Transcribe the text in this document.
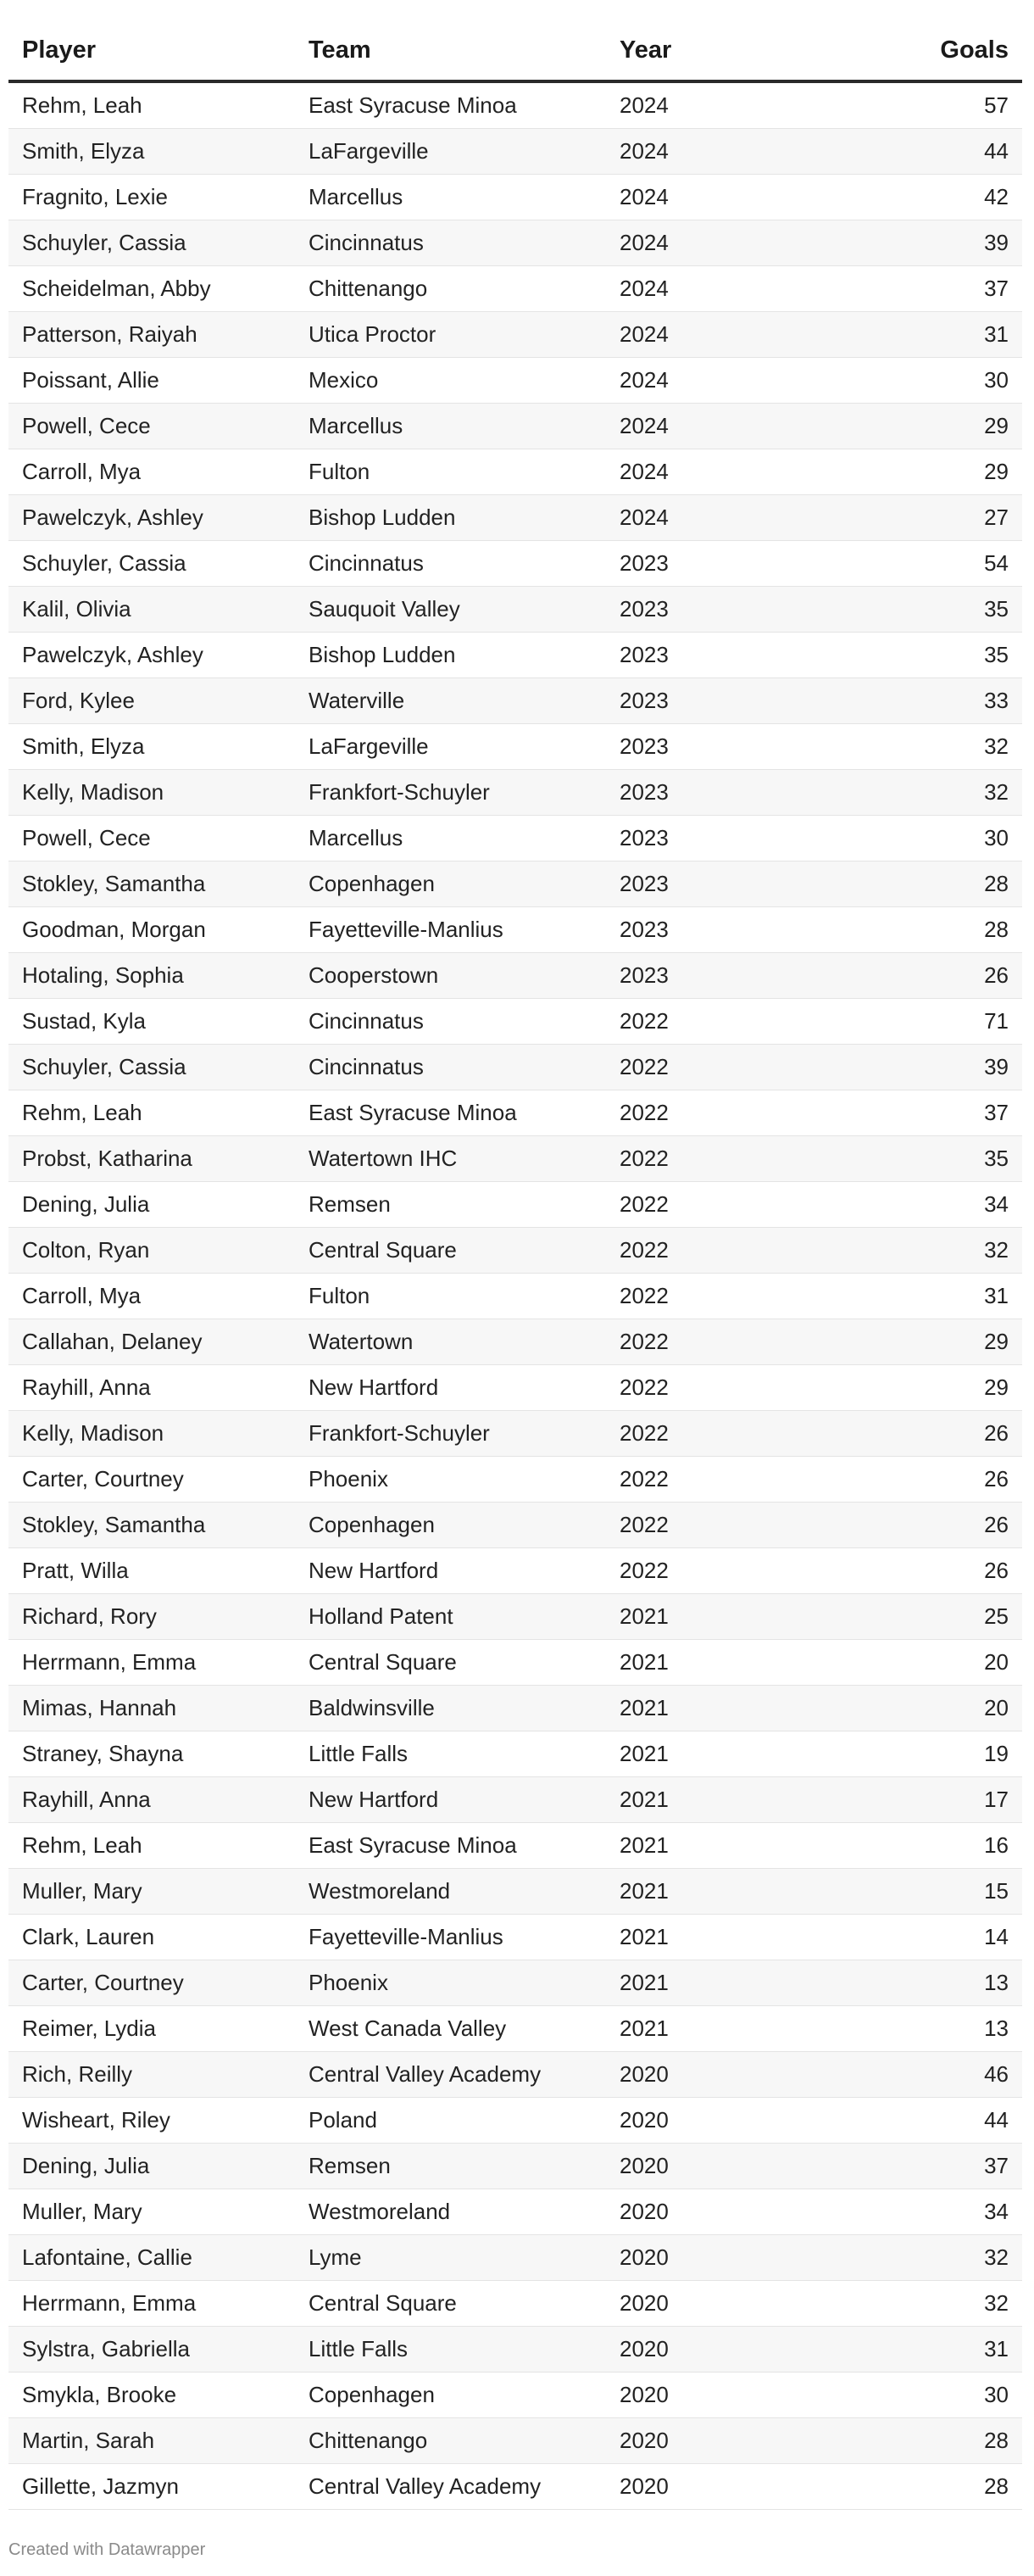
Player	Team	Year	Goals
Rehm, Leah	East Syracuse Minoa	2024	57
Smith, Elyza	LaFargeville	2024	44
Fragnito, Lexie	Marcellus	2024	42
Schuyler, Cassia	Cincinnatus	2024	39
Scheidelman, Abby	Chittenango	2024	37
Patterson, Raiyah	Utica Proctor	2024	31
Poissant, Allie	Mexico	2024	30
Powell, Cece	Marcellus	2024	29
Carroll, Mya	Fulton	2024	29
Pawelczyk, Ashley	Bishop Ludden	2024	27
Schuyler, Cassia	Cincinnatus	2023	54
Kalil, Olivia	Sauquoit Valley	2023	35
Pawelczyk, Ashley	Bishop Ludden	2023	35
Ford, Kylee	Waterville	2023	33
Smith, Elyza	LaFargeville	2023	32
Kelly, Madison	Frankfort-Schuyler	2023	32
Powell, Cece	Marcellus	2023	30
Stokley, Samantha	Copenhagen	2023	28
Goodman, Morgan	Fayetteville-Manlius	2023	28
Hotaling, Sophia	Cooperstown	2023	26
Sustad, Kyla	Cincinnatus	2022	71
Schuyler, Cassia	Cincinnatus	2022	39
Rehm, Leah	East Syracuse Minoa	2022	37
Probst, Katharina	Watertown IHC	2022	35
Dening, Julia	Remsen	2022	34
Colton, Ryan	Central Square	2022	32
Carroll, Mya	Fulton	2022	31
Callahan, Delaney	Watertown	2022	29
Rayhill, Anna	New Hartford	2022	29
Kelly, Madison	Frankfort-Schuyler	2022	26
Carter, Courtney	Phoenix	2022	26
Stokley, Samantha	Copenhagen	2022	26
Pratt, Willa	New Hartford	2022	26
Richard, Rory	Holland Patent	2021	25
Herrmann, Emma	Central Square	2021	20
Mimas, Hannah	Baldwinsville	2021	20
Straney, Shayna	Little Falls	2021	19
Rayhill, Anna	New Hartford	2021	17
Rehm, Leah	East Syracuse Minoa	2021	16
Muller, Mary	Westmoreland	2021	15
Clark, Lauren	Fayetteville-Manlius	2021	14
Carter, Courtney	Phoenix	2021	13
Reimer, Lydia	West Canada Valley	2021	13
Rich, Reilly	Central Valley Academy	2020	46
Wisheart, Riley	Poland	2020	44
Dening, Julia	Remsen	2020	37
Muller, Mary	Westmoreland	2020	34
Lafontaine, Callie	Lyme	2020	32
Herrmann, Emma	Central Square	2020	32
Sylstra, Gabriella	Little Falls	2020	31
Smykla, Brooke	Copenhagen	2020	30
Martin, Sarah	Chittenango	2020	28
Gillette, Jazmyn	Central Valley Academy	2020	28
Created with Datawrapper
